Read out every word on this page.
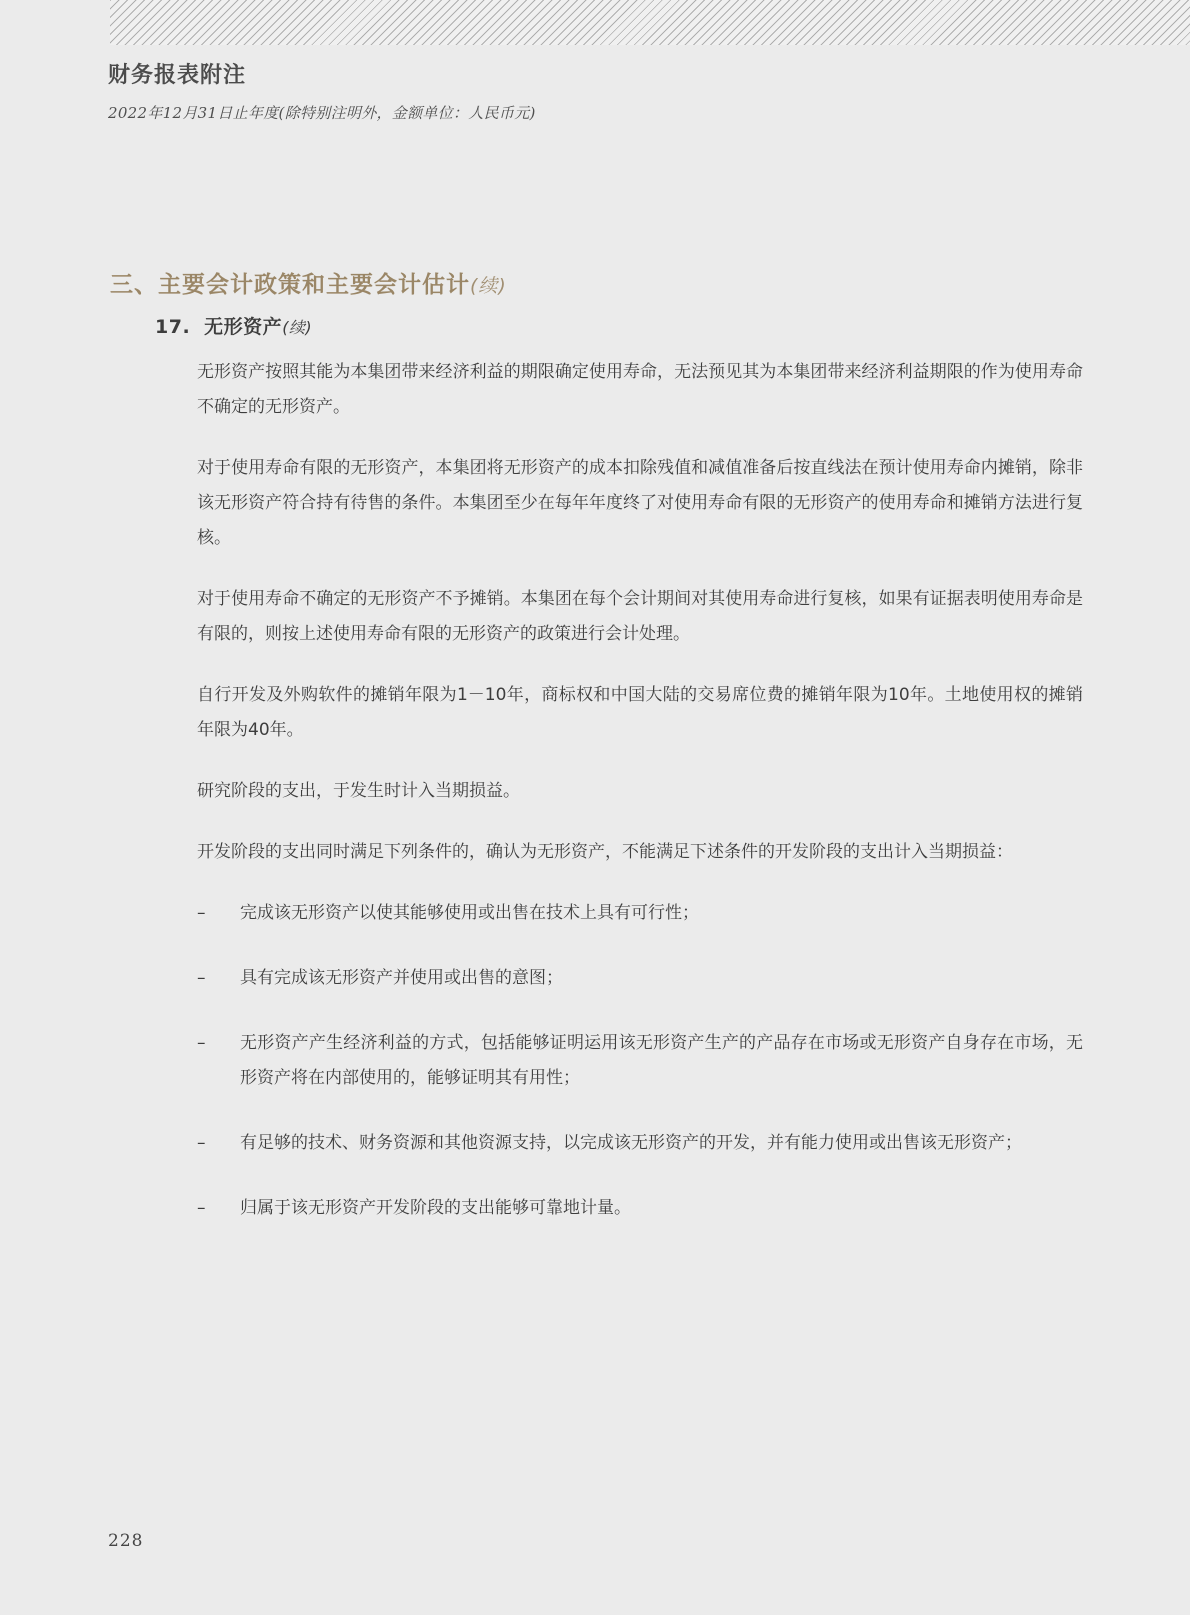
财务报表附注

2022年12月31日止年度(除特别注明外，金额单位：人民币元)

三、主要会计政策和主要会计估计(续)
17. 无形资产(续)

无形资产按照其能为本集团带来经济利益的期限确定使用寿命，无法预见其为本集团带来经济利益期限的作为使用寿命不确定的无形资产。

对于使用寿命有限的无形资产，本集团将无形资产的成本扣除残值和减值准备后按直线法在预计使用寿命内摊销，除非该无形资产符合持有待售的条件。本集团至少在每年年度终了对使用寿命有限的无形资产的使用寿命和摊销方法进行复核。

对于使用寿命不确定的无形资产不予摊销。本集团在每个会计期间对其使用寿命进行复核，如果有证据表明使用寿命是有限的，则按上述使用寿命有限的无形资产的政策进行会计处理。

自行开发及外购软件的摊销年限为1－10年，商标权和中国大陆的交易席位费的摊销年限为10年。土地使用权的摊销年限为40年。

研究阶段的支出，于发生时计入当期损益。

开发阶段的支出同时满足下列条件的，确认为无形资产，不能满足下述条件的开发阶段的支出计入当期损益：

–	完成该无形资产以使其能够使用或出售在技术上具有可行性；
–	具有完成该无形资产并使用或出售的意图；
–	无形资产产生经济利益的方式，包括能够证明运用该无形资产生产的产品存在市场或无形资产自身存在市场，无形资产将在内部使用的，能够证明其有用性；
–	有足够的技术、财务资源和其他资源支持，以完成该无形资产的开发，并有能力使用或出售该无形资产；
–	归属于该无形资产开发阶段的支出能够可靠地计量。
228
